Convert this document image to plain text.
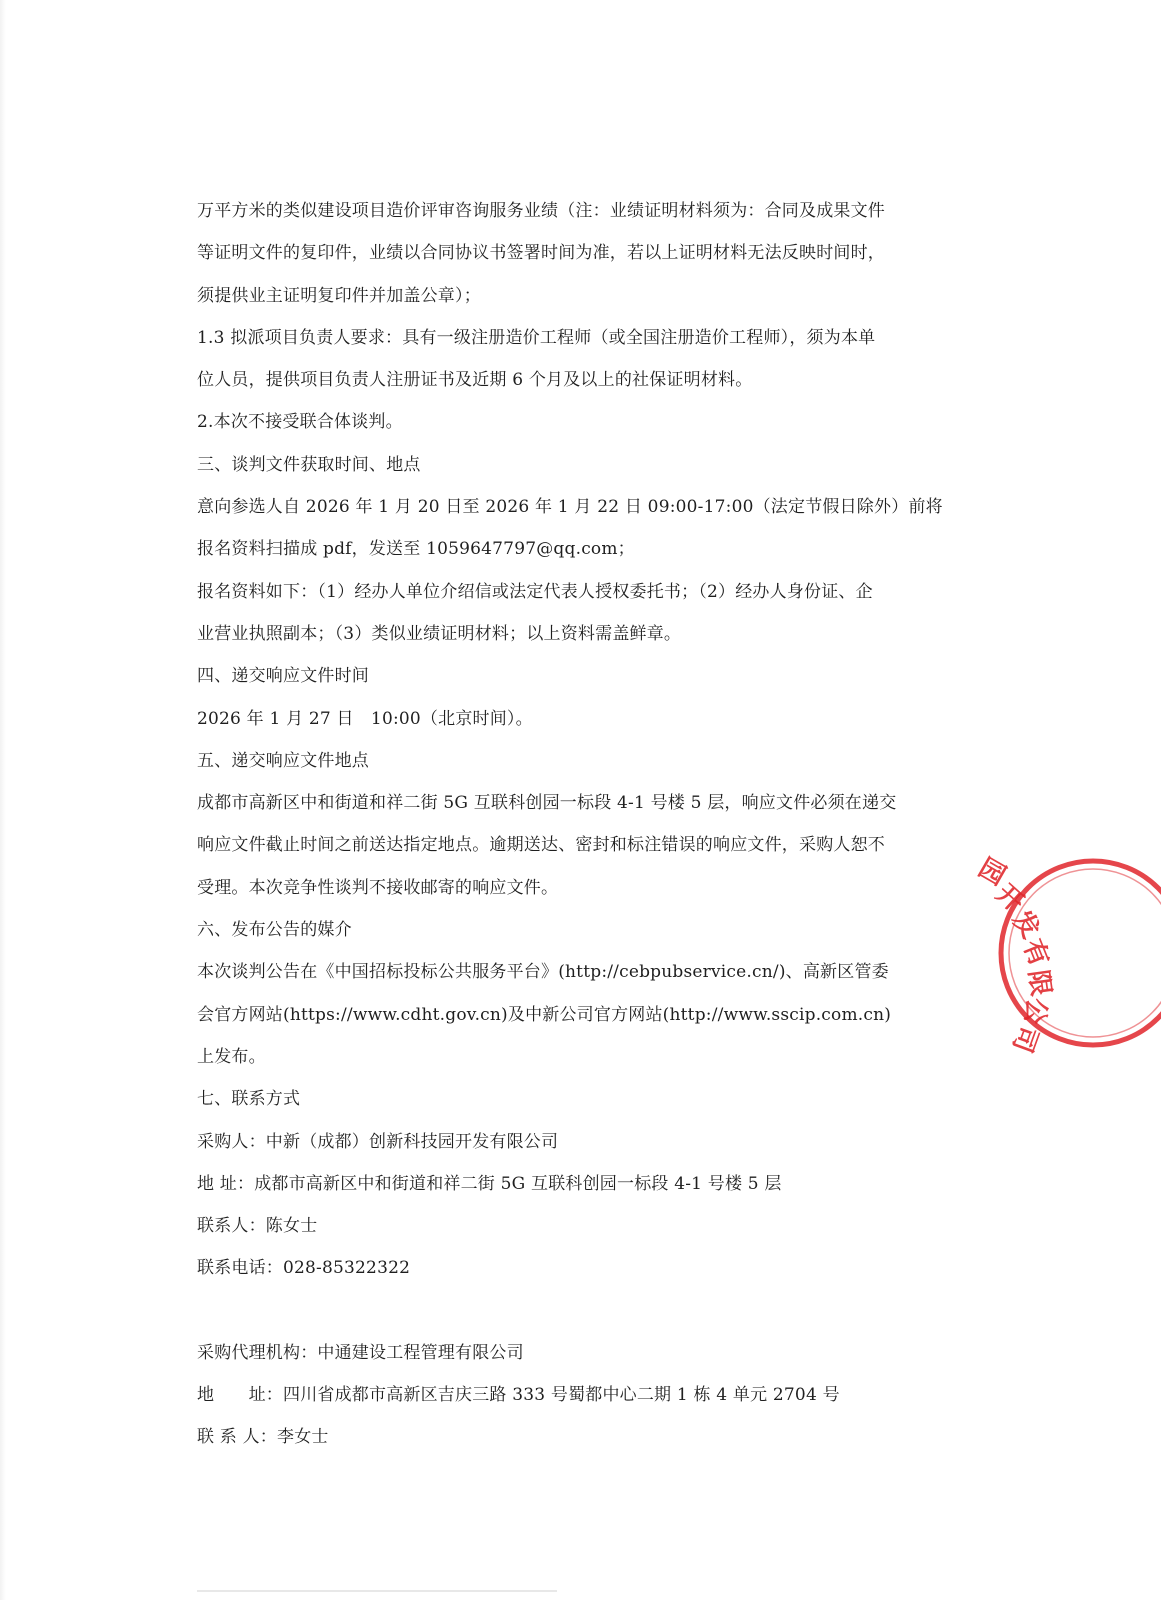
万平方米的类似建设项目造价评审咨询服务业绩（注：业绩证明材料须为：合同及成果文件
等证明文件的复印件，业绩以合同协议书签署时间为准，若以上证明材料无法反映时间时，
须提供业主证明复印件并加盖公章）；
1.3 拟派项目负责人要求：具有一级注册造价工程师（或全国注册造价工程师），须为本单
位人员，提供项目负责人注册证书及近期 6 个月及以上的社保证明材料。
2.本次不接受联合体谈判。
三、谈判文件获取时间、地点
意向参选人自 2026 年 1 月 20 日至 2026 年 1 月 22 日 09:00-17:00（法定节假日除外）前将
报名资料扫描成 pdf，发送至 1059647797@qq.com；
报名资料如下：（1）经办人单位介绍信或法定代表人授权委托书；（2）经办人身份证、企
业营业执照副本；（3）类似业绩证明材料；以上资料需盖鲜章。
四、递交响应文件时间
2026 年 1 月 27 日　10:00（北京时间）。
五、递交响应文件地点
成都市高新区中和街道和祥二街 5G 互联科创园一标段 4-1 号楼 5 层，响应文件必须在递交
响应文件截止时间之前送达指定地点。逾期送达、密封和标注错误的响应文件，采购人恕不
受理。本次竞争性谈判不接收邮寄的响应文件。
六、发布公告的媒介
本次谈判公告在《中国招标投标公共服务平台》(http://cebpubservice.cn/)、高新区管委
会官方网站(https://www.cdht.gov.cn)及中新公司官方网站(http://www.sscip.com.cn)
上发布。
七、联系方式
采购人：中新（成都）创新科技园开发有限公司
地 址：成都市高新区中和街道和祥二街 5G 互联科创园一标段 4-1 号楼 5 层
联系人：陈女士
联系电话：028-85322322
采购代理机构：中通建设工程管理有限公司
地　　址：四川省成都市高新区吉庆三路 333 号蜀都中心二期 1 栋 4 单元 2704 号
联 系 人：李女士
园
开
发
有
限
公
司
